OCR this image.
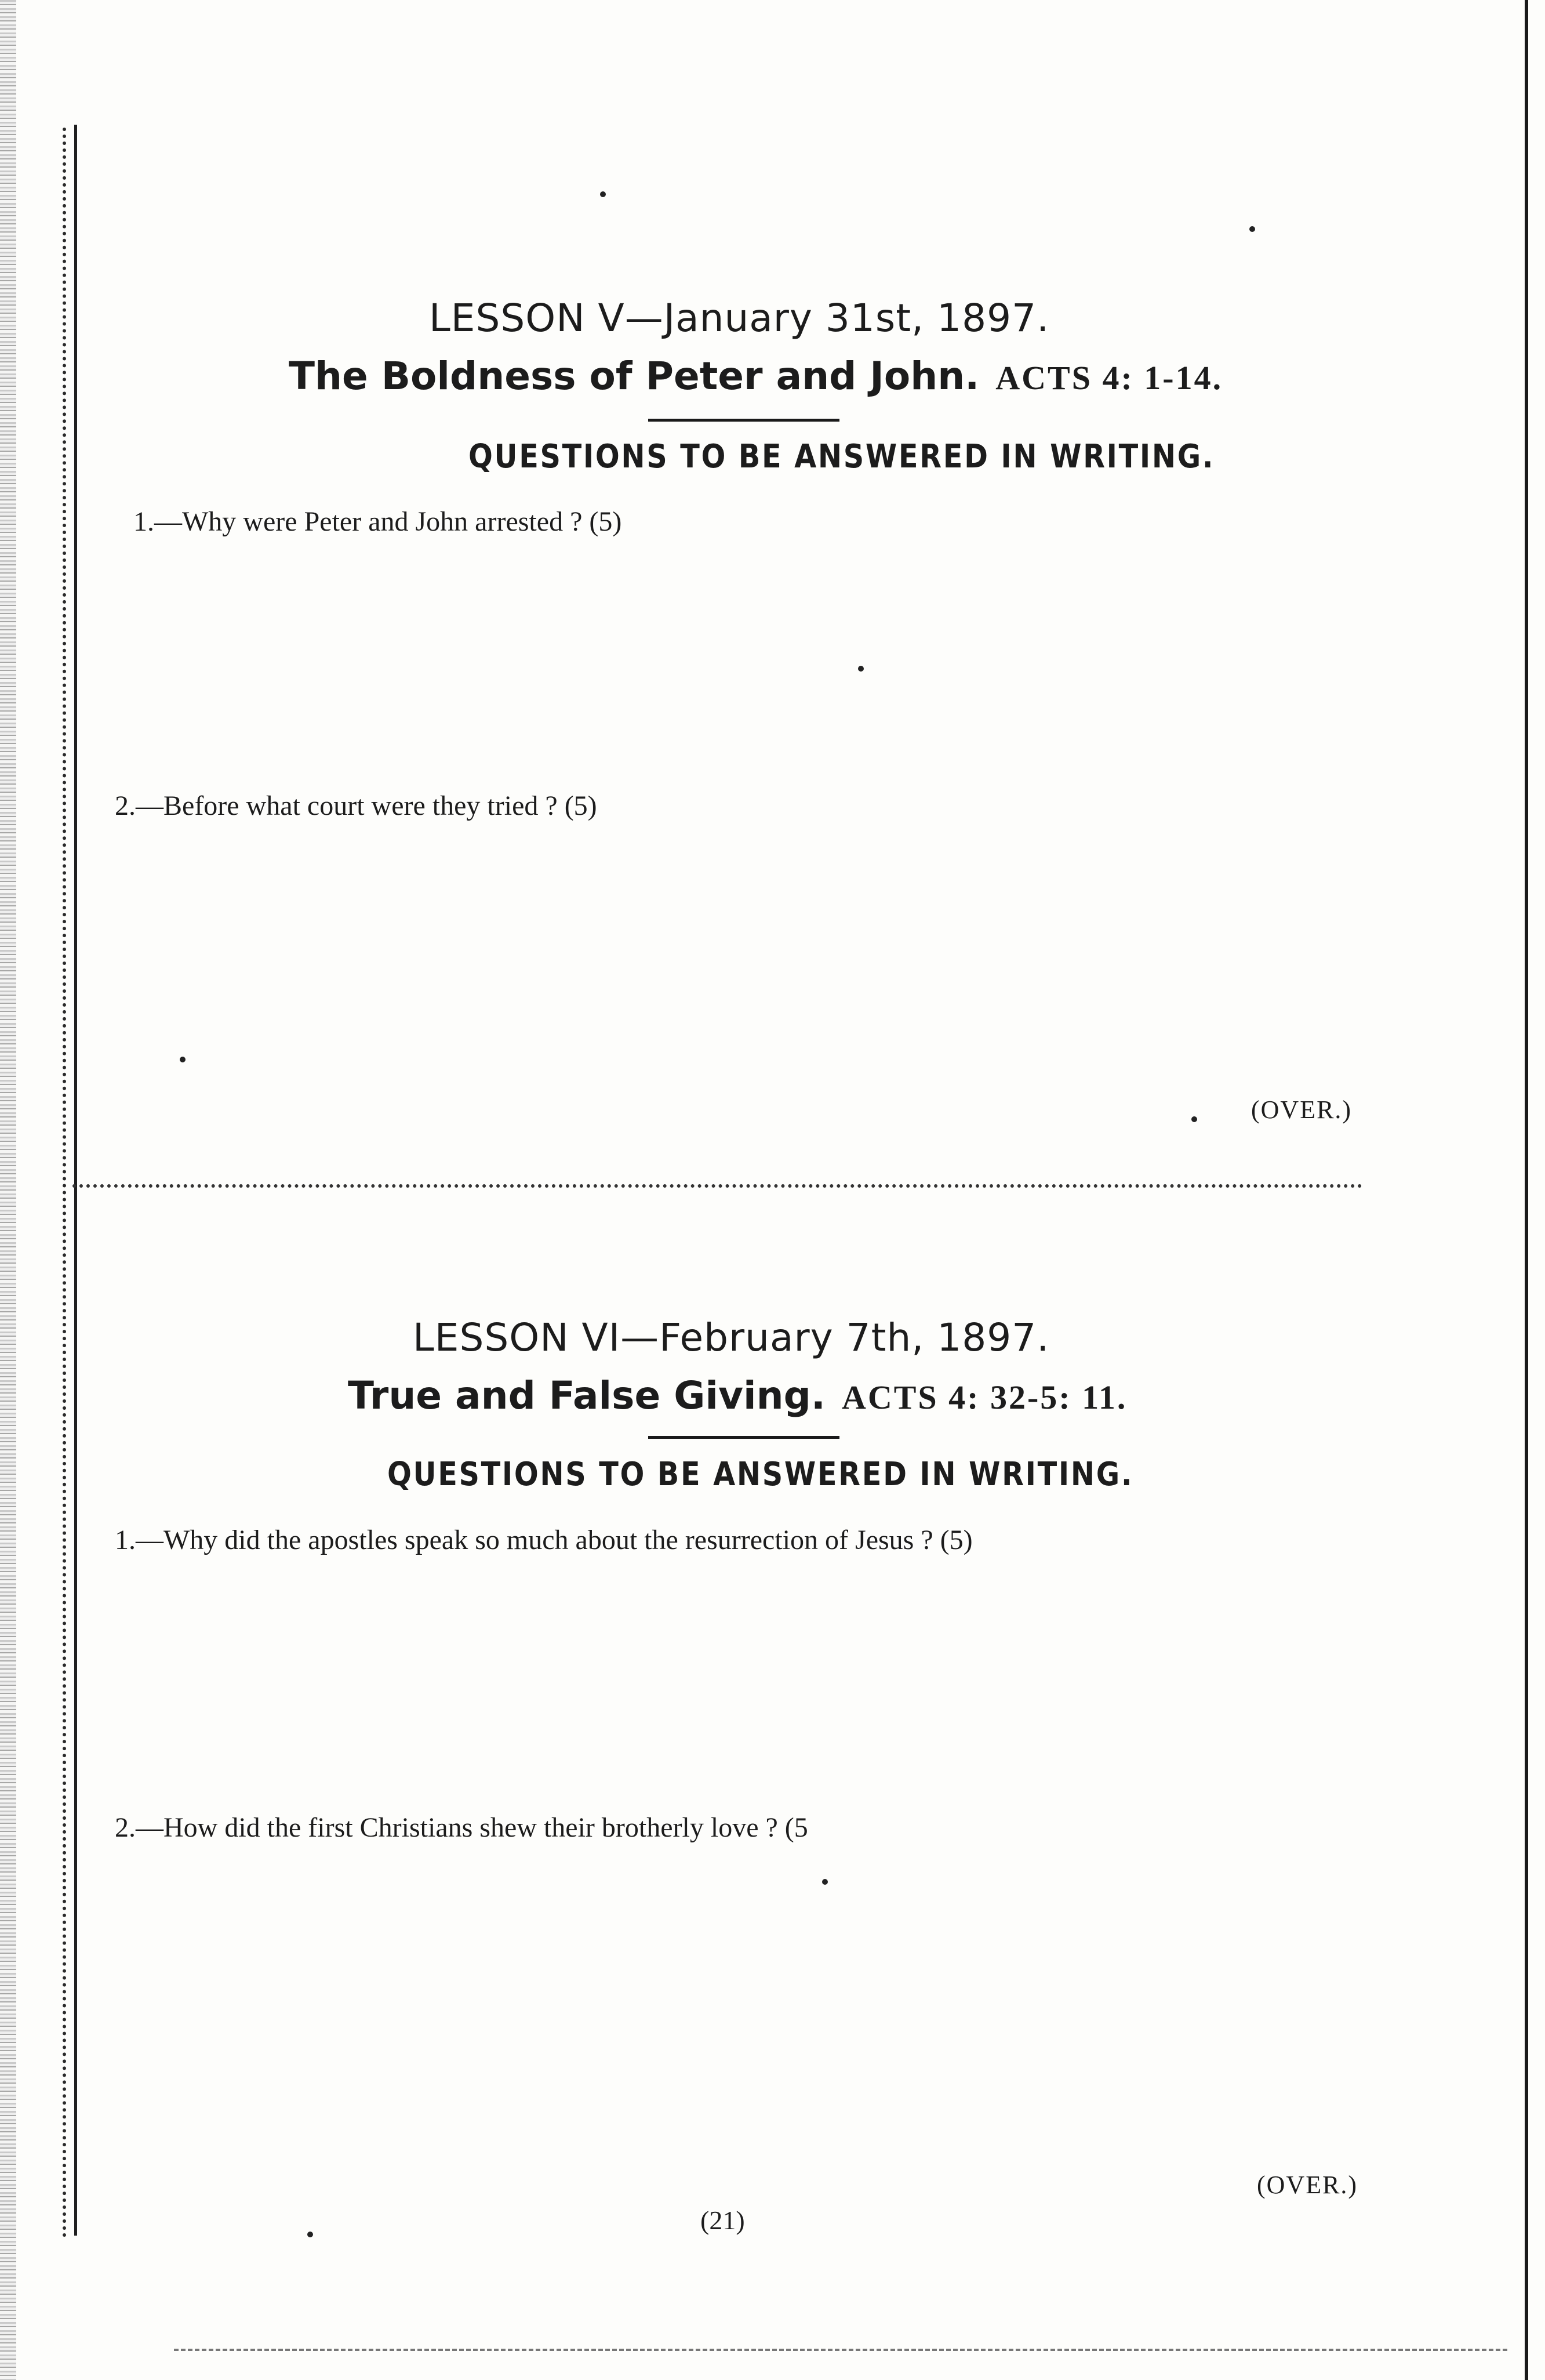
LESSON V—January 31st, 1897.
The Boldness of Peter and John. ACTS 4: 1-14.

QUESTIONS TO BE ANSWERED IN WRITING.

1.—Why were Peter and John arrested ? (5)

2.—Before what court were they tried ? (5)

(OVER.)

LESSON VI—February 7th, 1897.
True and False Giving. ACTS 4: 32-5: 11.

QUESTIONS TO BE ANSWERED IN WRITING.

1.—Why did the apostles speak so much about the resurrection of Jesus ? (5)

2.—How did the first Christians shew their brotherly love ? (5

(OVER.)

(21)
